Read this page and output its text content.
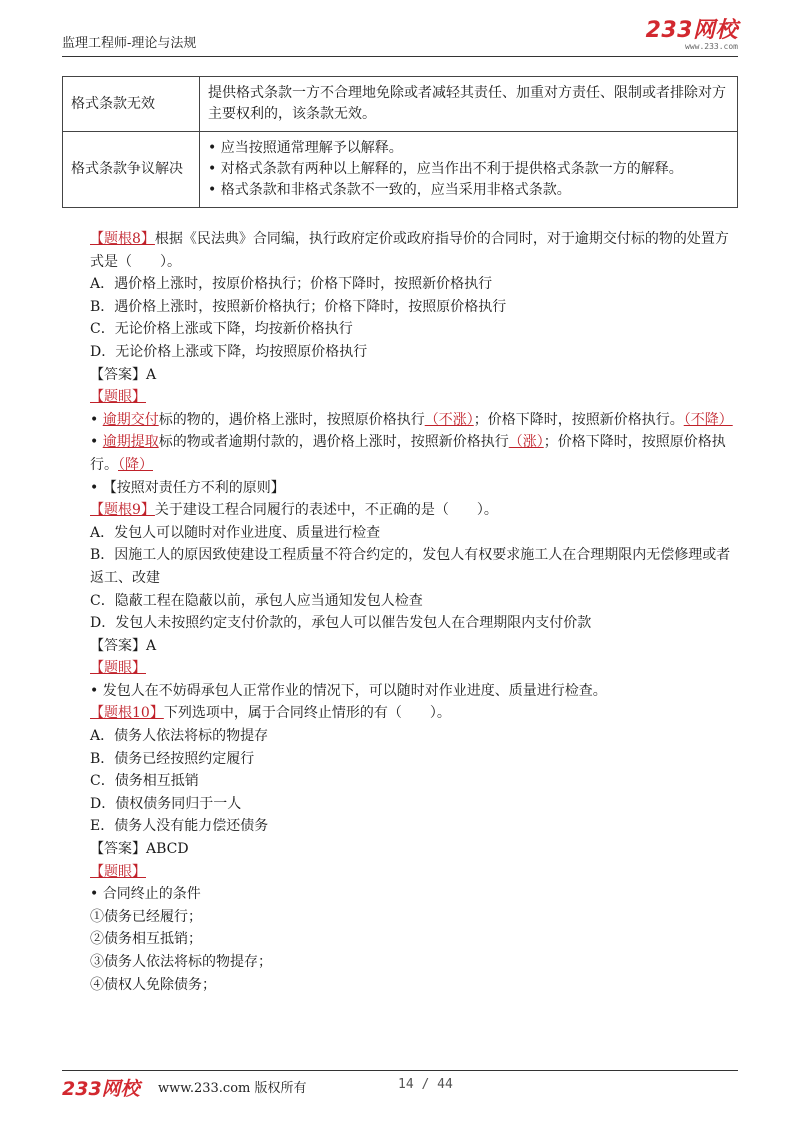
监理工程师-理论与法规
233网校
www.233.com
格式条款无效	提供格式条款一方不合理地免除或者减轻其责任、加重对方责任、限制或者排除对方主要权利的，该条款无效。

格式条款争议解决	• 应当按照通常理解予以解释。
• 对格式条款有两种以上解释的，应当作出不利于提供格式条款一方的解释。
• 格式条款和非格式条款不一致的，应当采用非格式条款。

【题根8】根据《民法典》合同编，执行政府定价或政府指导价的合同时，对于逾期交付标的物的处置方式是（　　）。

A．遇价格上涨时，按原价格执行；价格下降时，按照新价格执行

B．遇价格上涨时，按照新价格执行；价格下降时，按照原价格执行

C．无论价格上涨或下降，均按新价格执行

D．无论价格上涨或下降，均按照原价格执行

【答案】A

【题眼】

• 逾期交付标的物的，遇价格上涨时，按照原价格执行（不涨）；价格下降时，按照新价格执行。（不降）

• 逾期提取标的物或者逾期付款的，遇价格上涨时，按照新价格执行（涨）；价格下降时，按照原价格执行。（降）

• 【按照对责任方不利的原则】

【题根9】关于建设工程合同履行的表述中，不正确的是（　　）。

A．发包人可以随时对作业进度、质量进行检查

B．因施工人的原因致使建设工程质量不符合约定的，发包人有权要求施工人在合理期限内无偿修理或者返工、改建

C．隐蔽工程在隐蔽以前，承包人应当通知发包人检查

D．发包人未按照约定支付价款的，承包人可以催告发包人在合理期限内支付价款

【答案】A

【题眼】

• 发包人在不妨碍承包人正常作业的情况下，可以随时对作业进度、质量进行检查。

【题根10】下列选项中，属于合同终止情形的有（　　）。

A．债务人依法将标的物提存

B．债务已经按照约定履行

C．债务相互抵销

D．债权债务同归于一人

E．债务人没有能力偿还债务

【答案】ABCD

【题眼】

• 合同终止的条件

①债务已经履行；

②债务相互抵销；

③债务人依法将标的物提存；

④债权人免除债务；

233网校 www.233.com 版权所有	14 / 44
